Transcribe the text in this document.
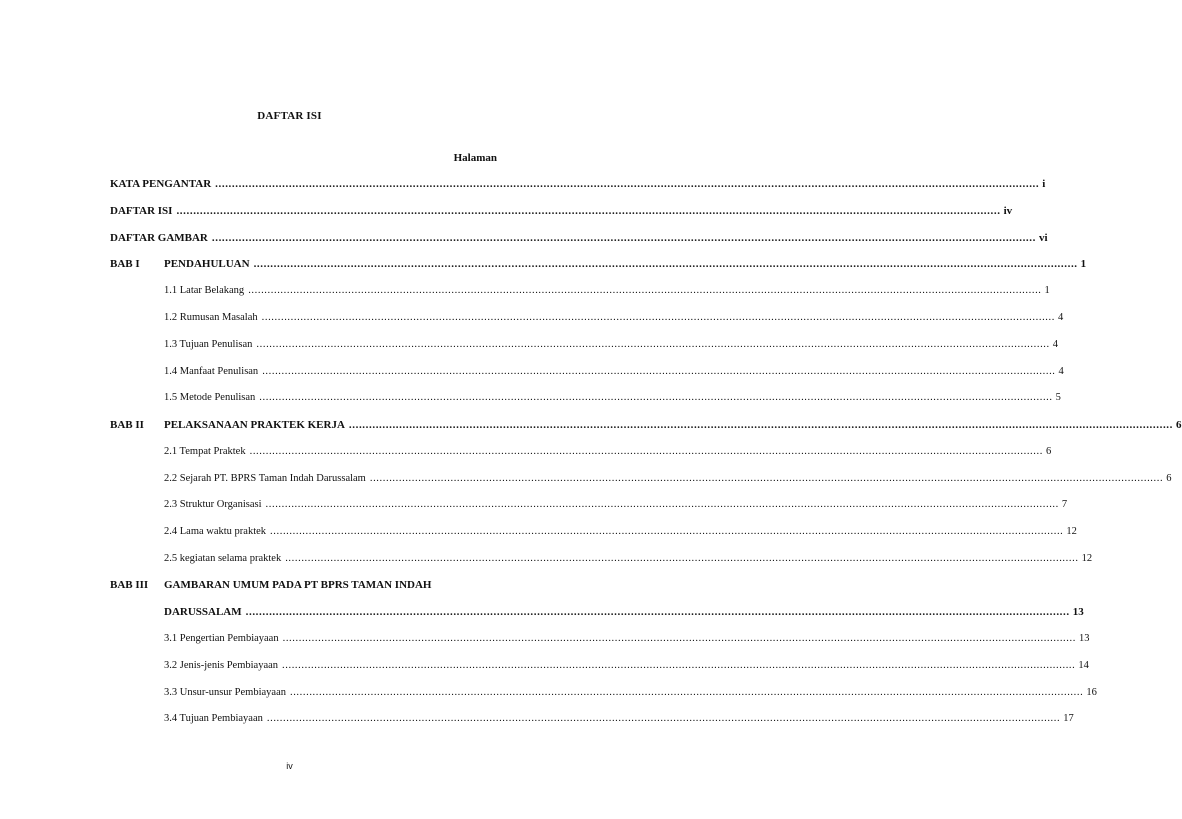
DAFTAR ISI
Halaman
KATA PENGANTAR ...................................................................................................................................................................................................................................................... i
DAFTAR ISI ...................................................................................................................................................................................................................................................... iv
DAFTAR GAMBAR ...................................................................................................................................................................................................................................................... vi
BAB I PENDAHULUAN ...................................................................................................................................................................................................................................................... 1
1.1 Latar Belakang ...................................................................................................................................................................................................................................................... 1
1.2 Rumusan Masalah ...................................................................................................................................................................................................................................................... 4
1.3 Tujuan Penulisan ...................................................................................................................................................................................................................................................... 4
1.4 Manfaat Penulisan ...................................................................................................................................................................................................................................................... 4
1.5 Metode Penulisan ...................................................................................................................................................................................................................................................... 5
BAB II PELAKSANAAN PRAKTEK KERJA ...................................................................................................................................................................................................................................................... 6
2.1 Tempat Praktek ...................................................................................................................................................................................................................................................... 6
2.2 Sejarah PT. BPRS Taman Indah Darussalam ...................................................................................................................................................................................................................................................... 6
2.3 Struktur Organisasi ...................................................................................................................................................................................................................................................... 7
2.4 Lama waktu praktek ...................................................................................................................................................................................................................................................... 12
2.5 kegiatan selama praktek ...................................................................................................................................................................................................................................................... 12
BAB III GAMBARAN UMUM PADA PT BPRS TAMAN INDAH
DARUSSALAM ...................................................................................................................................................................................................................................................... 13
3.1 Pengertian Pembiayaan ...................................................................................................................................................................................................................................................... 13
3.2 Jenis-jenis Pembiayaan ...................................................................................................................................................................................................................................................... 14
3.3 Unsur-unsur Pembiayaan ...................................................................................................................................................................................................................................................... 16
3.4 Tujuan Pembiayaan ...................................................................................................................................................................................................................................................... 17
iv
